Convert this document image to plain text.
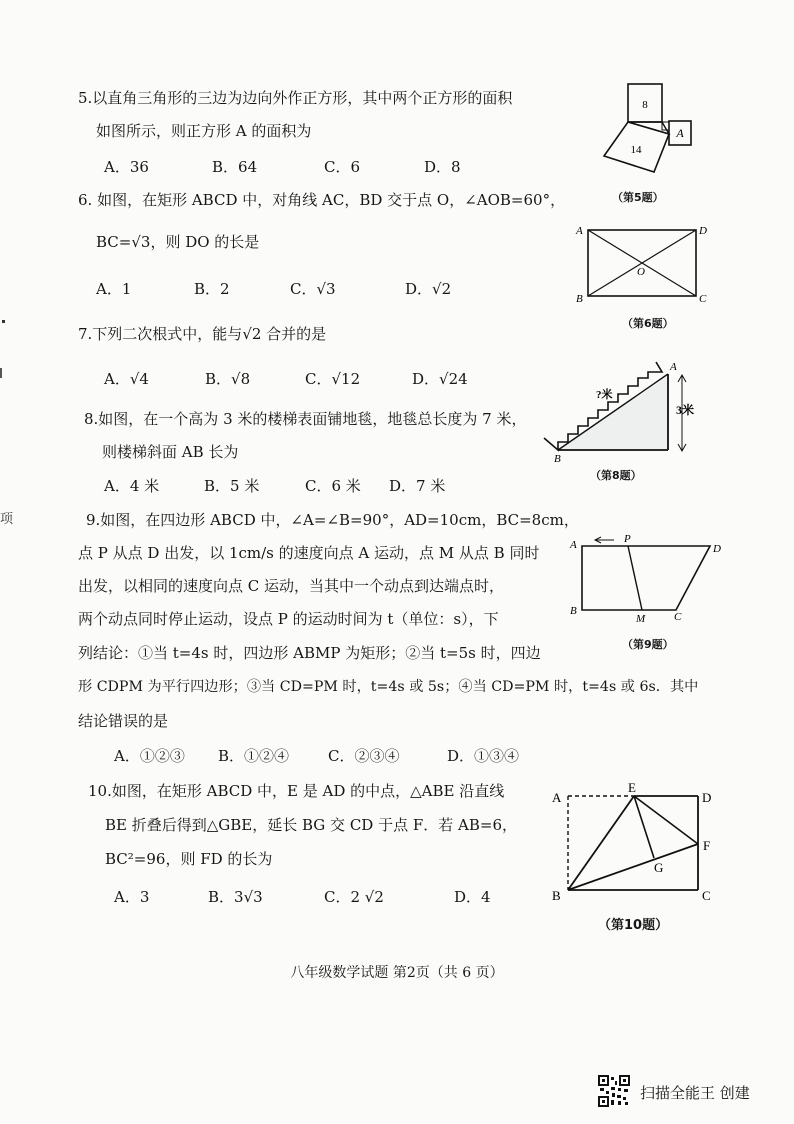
项
5.以直角三角形的三边为边向外作正方形，其中两个正方形的面积
如图所示，则正方形 A 的面积为
A．36	B．64	C．6	D．8
8
14
A
（第5题）
6. 如图，在矩形 ABCD 中，对角线 AC，BD 交于点 O，∠AOB=60°，
BC=√3，则 DO 的长是
A．1	B．2	C．√3	D．√2
A	D
O
B	C
（第6题）
7.下列二次根式中，能与√2 合并的是
A．√4	B．√8	C．√12	D．√24
8.如图，在一个高为 3 米的楼梯表面铺地毯，地毯总长度为 7 米，
则楼梯斜面 AB 长为
A．4 米	B．5 米	C．6 米 D．7 米
A
?米
3米
B
（第8题）
9.如图，在四边形 ABCD 中，∠A=∠B=90°，AD=10cm，BC=8cm，
点 P 从点 D 出发，以 1cm/s 的速度向点 A 运动，点 M 从点 B 同时
出发，以相同的速度向点 C 运动，当其中一个动点到达端点时，
两个动点同时停止运动，设点 P 的运动时间为 t（单位：s），下
列结论：①当 t=4s 时，四边形 ABMP 为矩形；②当 t=5s 时，四边
形 CDPM 为平行四边形；③当 CD=PM 时，t=4s 或 5s；④当 CD=PM 时，t=4s 或 6s．其中
结论错误的是
A．①②③ B．①②④	C．②③④	D．①③④
A	P
D
B
M	C
（第9题）
10.如图，在矩形 ABCD 中，E 是 AD 的中点，△ABE 沿直线
BE 折叠后得到△GBE，延长 BG 交 CD 于点 F．若 AB=6，
BC²=96，则 FD 的长为
A．3	B．3√3	C．2 √2	D．4
A
E
D
F
G
B	C
（第10题）
八年级数学试题 第2页（共 6 页）
扫描全能王 创建
